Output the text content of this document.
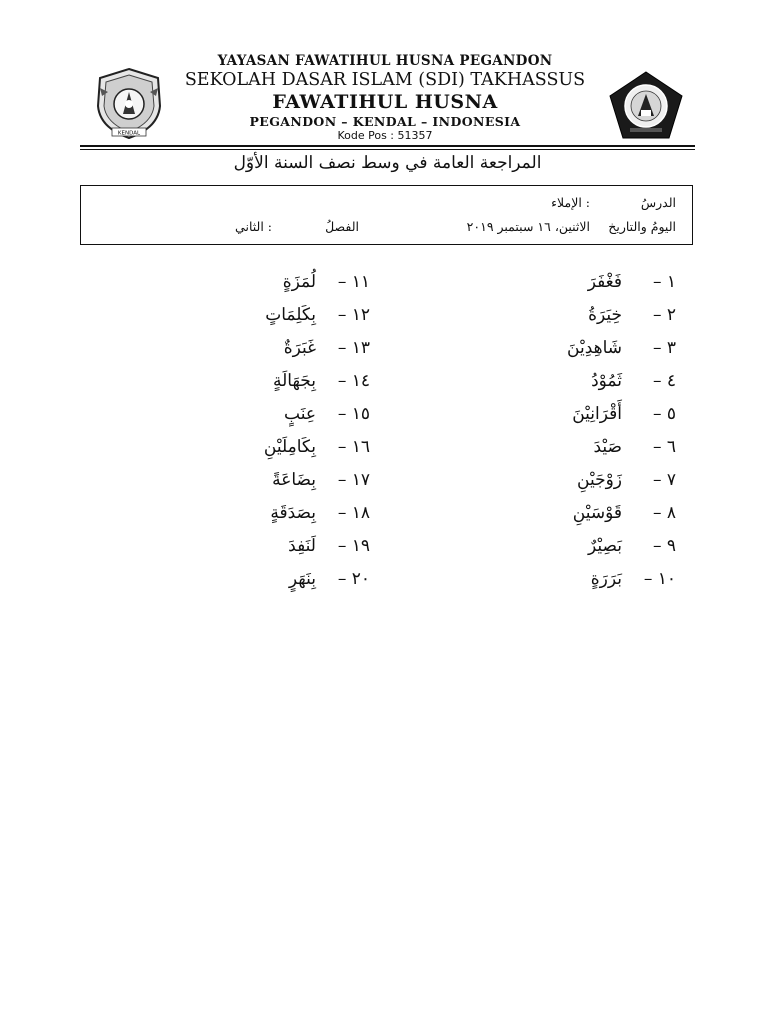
KENDAL
YAYASAN FAWATIHUL HUSNA PEGANDON
SEKOLAH DASAR ISLAM (SDI) TAKHASSUS
FAWATIHUL HUSNA
PEGANDON – KENDAL – INDONESIA
Kode Pos : 51357
المراجعة العامة في وسط نصف السنة الأوّل
الدرسُ
: الإملاء
اليومُ والتاريخ
الاثنين، ١٦ سبتمبر ٢٠١٩
الفصلُ
: الثاني
١ –فَغْفَرَ
٢ –خِيَرَةُ
٣ –شَاهِدِيْنَ
٤ –ثَمُوْدُ
٥ –أَقْرَانِيْنَ
٦ –صَيْدَ
٧ –زَوْجَيْنِ
٨ –قَوْسَيْنِ
٩ –بَصِيْرٌ
١٠ –بَرَرَةٍ
١١ –لُمَزَةٍ
١٢ –بِكَلِمَاتٍ
١٣ –غَبَرَةٌ
١٤ –بِجَهَالَةٍ
١٥ –عِنَبٍ
١٦ –بِكَامِلَيْنِ
١٧ –بِضَاعَةً
١٨ –بِصَدَقَةٍ
١٩ –لَنَفِدَ
٢٠ –بِنَهَرٍ
